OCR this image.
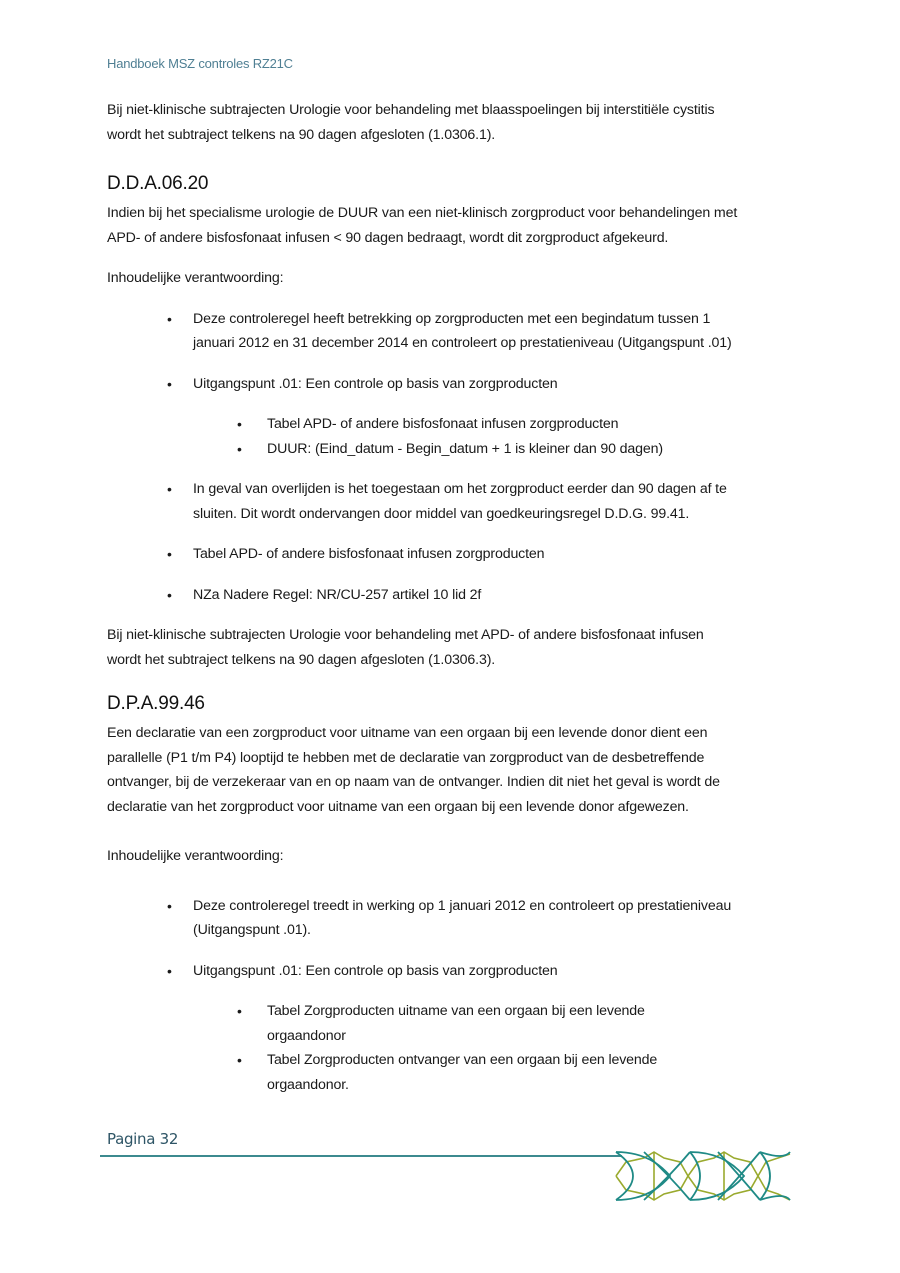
Handboek MSZ controles RZ21C

Bij niet-klinische subtrajecten Urologie voor behandeling met blaasspoelingen bij interstitiële cystitis
wordt het subtraject telkens na 90 dagen afgesloten (1.0306.1).

D.D.A.06.20

Indien bij het specialisme urologie de DUUR van een niet-klinisch zorgproduct voor behandelingen met
APD- of andere bisfosfonaat infusen < 90 dagen bedraagt, wordt dit zorgproduct afgekeurd.

Inhoudelijke verantwoording:

• Deze controleregel heeft betrekking op zorgproducten met een begindatum tussen 1
januari 2012 en 31 december 2014 en controleert op prestatieniveau (Uitgangspunt .01)
• Uitgangspunt .01: Een controle op basis van zorgproducten
• Tabel APD- of andere bisfosfonaat infusen zorgproducten
• DUUR: (Eind_datum - Begin_datum + 1 is kleiner dan 90 dagen)
• In geval van overlijden is het toegestaan om het zorgproduct eerder dan 90 dagen af te
sluiten. Dit wordt ondervangen door middel van goedkeuringsregel D.D.G. 99.41.
• Tabel APD- of andere bisfosfonaat infusen zorgproducten
• NZa Nadere Regel: NR/CU-257 artikel 10 lid 2f

Bij niet-klinische subtrajecten Urologie voor behandeling met APD- of andere bisfosfonaat infusen
wordt het subtraject telkens na 90 dagen afgesloten (1.0306.3).

D.P.A.99.46

Een declaratie van een zorgproduct voor uitname van een orgaan bij een levende donor dient een
parallelle (P1 t/m P4) looptijd te hebben met de declaratie van zorgproduct van de desbetreffende
ontvanger, bij de verzekeraar van en op naam van de ontvanger. Indien dit niet het geval is wordt de
declaratie van het zorgproduct voor uitname van een orgaan bij een levende donor afgewezen.

Inhoudelijke verantwoording:

• Deze controleregel treedt in werking op 1 januari 2012 en controleert op prestatieniveau
(Uitgangspunt .01).
• Uitgangspunt .01: Een controle op basis van zorgproducten
• Tabel Zorgproducten uitname van een orgaan bij een levende orgaandonor
• Tabel Zorgproducten ontvanger van een orgaan bij een levende orgaandonor.
Pagina 32
